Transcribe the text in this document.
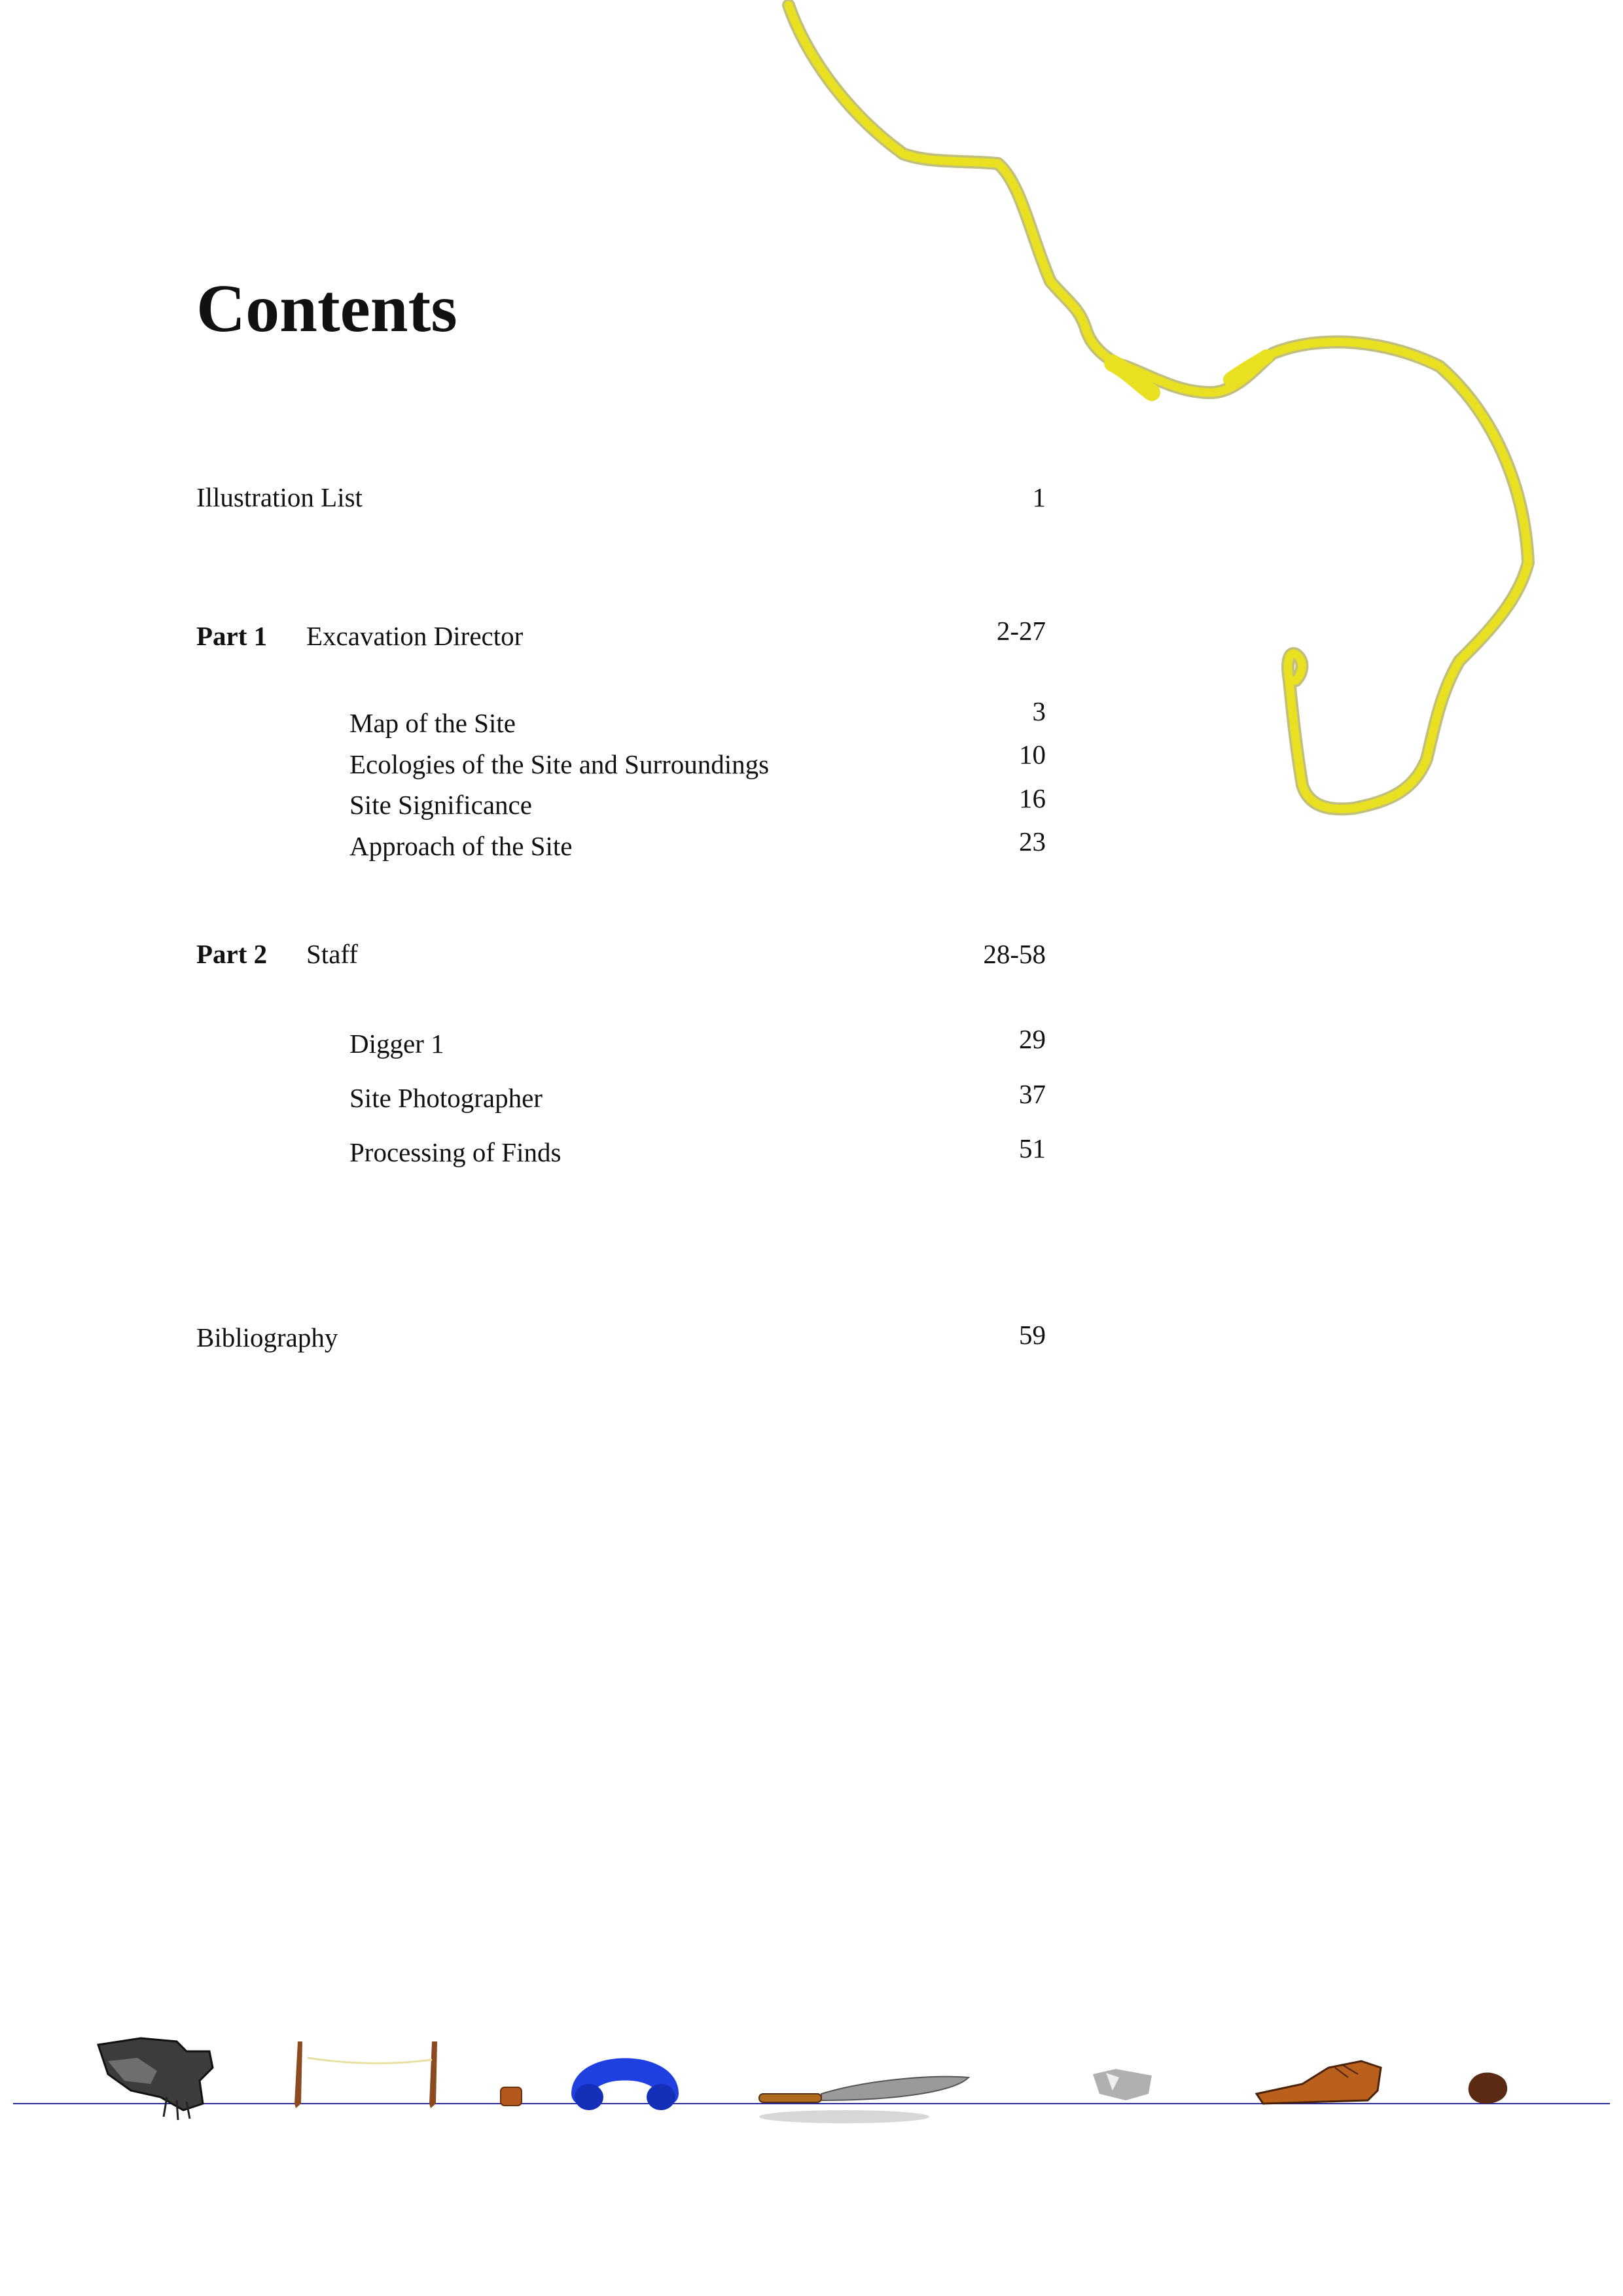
Contents
Illustration List	1
Part 1 Excavation Director	2-27
Map of the Site	3
Ecologies of the Site and Surroundings	10
Site Significance	16
Approach of the Site	23
Part 2 Staff	28-58
Digger 1	29
Site Photographer	37
Processing of Finds	51
Bibliography	59
